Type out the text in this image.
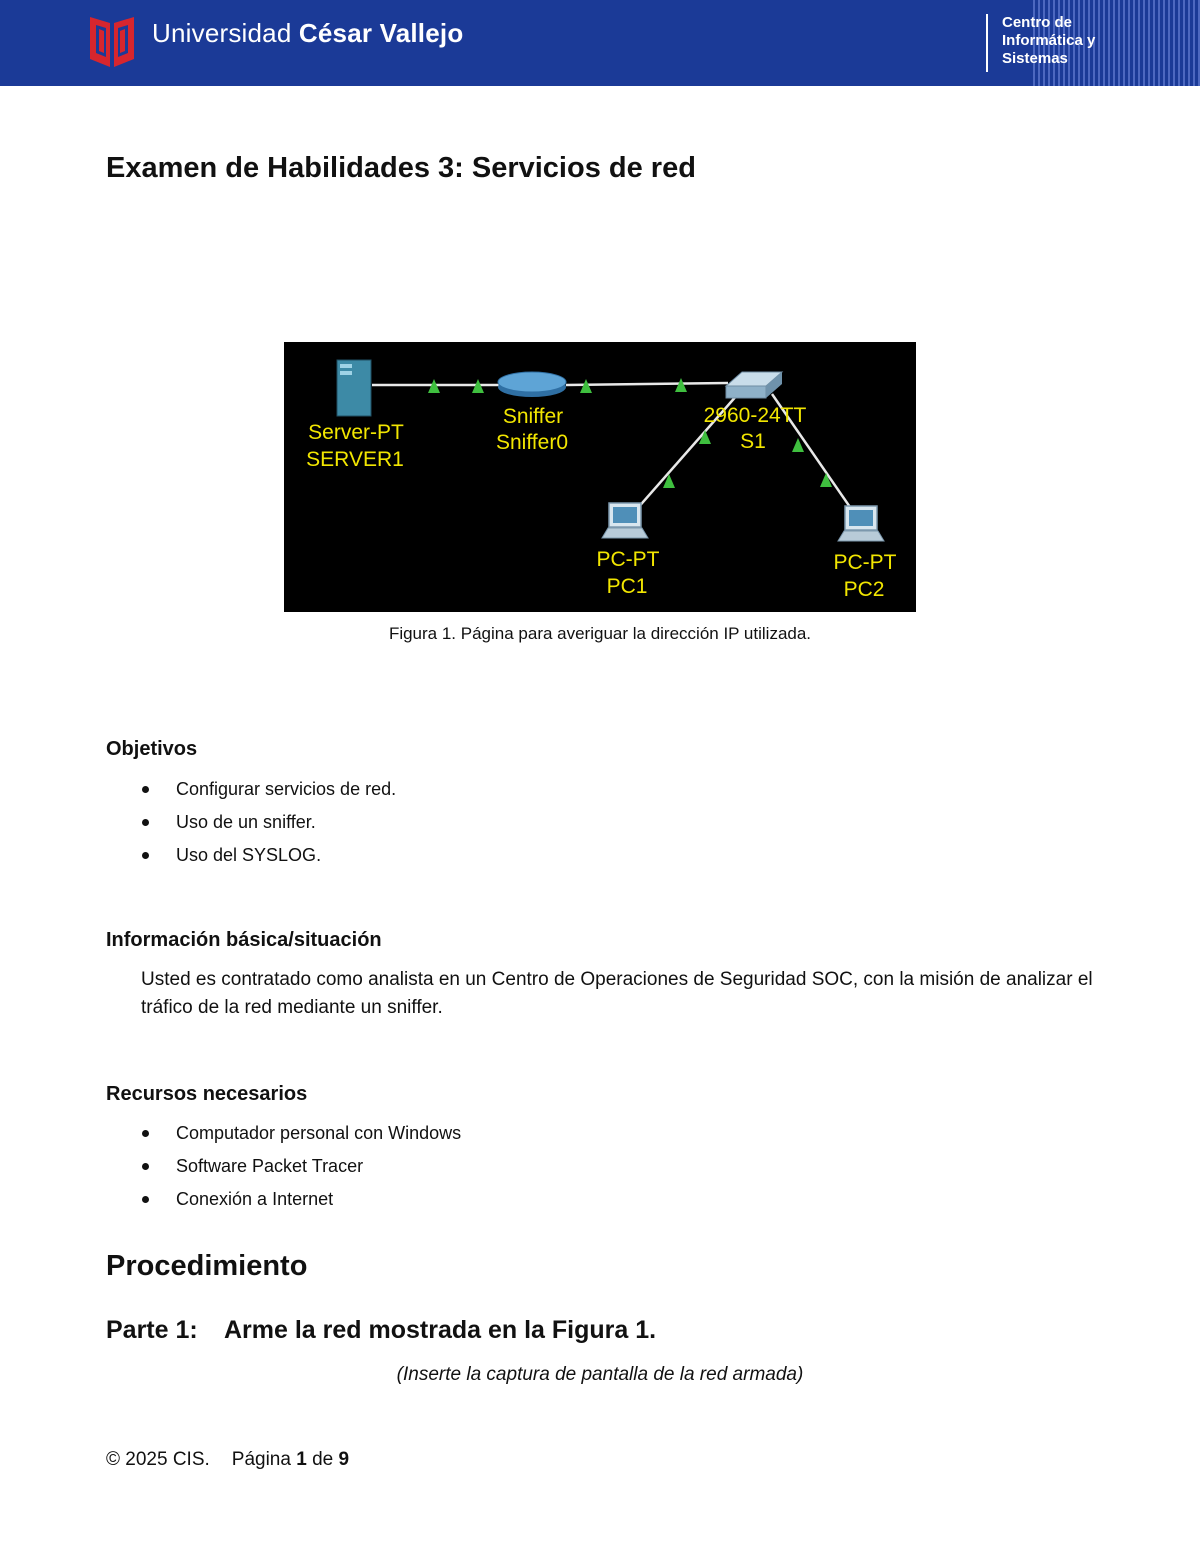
Universidad César Vallejo	Centro de
Informática y
Sistemas
Examen de Habilidades 3: Servicios de red
Server-PT
SERVER1
Sniffer
Sniffer0
2960-24TT
S1
PC-PT
PC1
PC-PT
PC2
Figura 1. Página para averiguar la dirección IP utilizada.
Objetivos
Configurar servicios de red.
Uso de un sniffer.
Uso del SYSLOG.
Información básica/situación
Usted es contratado como analista en un Centro de Operaciones de Seguridad SOC, con la misión de analizar el tráfico de la red mediante un sniffer.
Recursos necesarios
Computador personal con Windows
Software Packet Tracer
Conexión a Internet
Procedimiento
Parte 1: Arme la red mostrada en la Figura 1.
(Inserte la captura de pantalla de la red armada)
© 2025 CIS. Página 1 de 9
